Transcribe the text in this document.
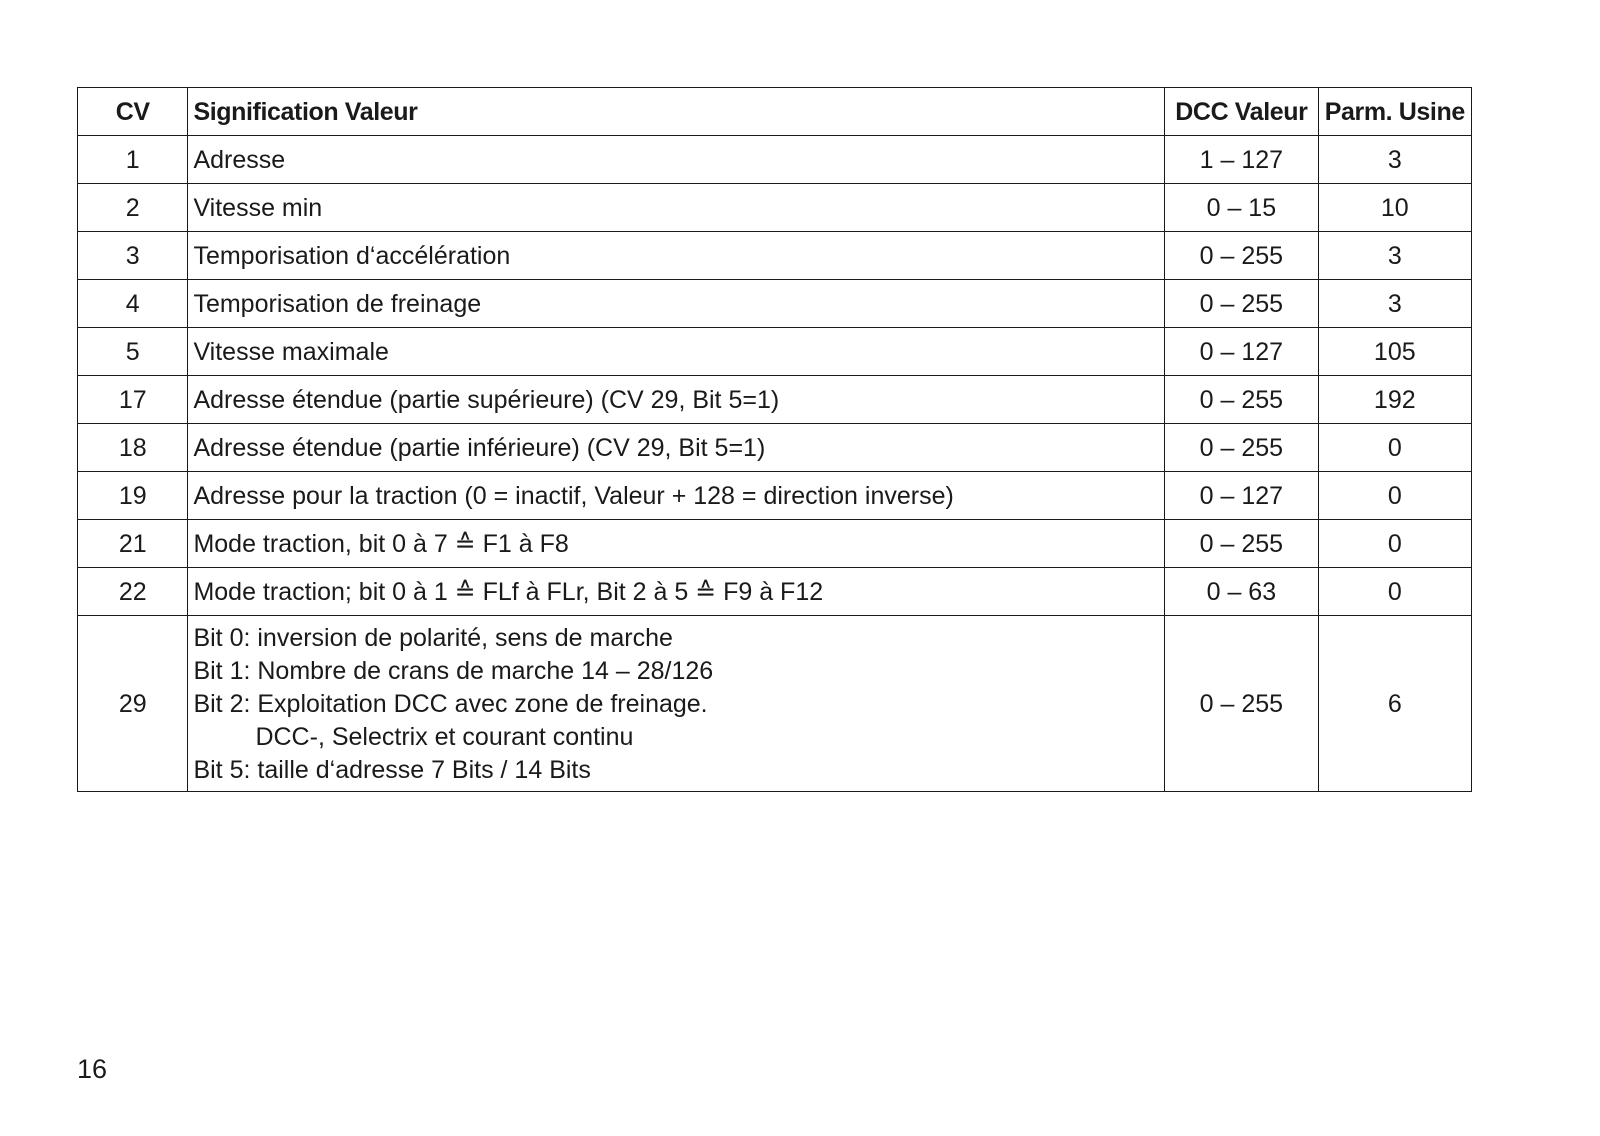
CV	Signification Valeur	DCC Valeur	Parm. Usine
1	Adresse	1 – 127	3
2	Vitesse min	0 – 15	10
3	Temporisation d‘accélération	0 – 255	3
4	Temporisation de freinage	0 – 255	3
5	Vitesse maximale	0 – 127	105
17	Adresse étendue (partie supérieure) (CV 29, Bit 5=1)	0 – 255	192
18	Adresse étendue (partie inférieure) (CV 29, Bit 5=1)	0 – 255	0
19	Adresse pour la traction (0 = inactif, Valeur + 128 = direction inverse)	0 – 127	0
21	Mode traction, bit 0 à 7 ≙ F1 à F8	0 – 255	0
22	Mode traction; bit 0 à 1 ≙ FLf à FLr, Bit 2 à 5 ≙ F9 à F12	0 – 63	0
29	Bit 0: inversion de polarité, sens de marche
Bit 1: Nombre de crans de marche 14 – 28/126
Bit 2: Exploitation DCC avec zone de freinage.
DCC-, Selectrix et courant continu
Bit 5: taille d‘adresse 7 Bits / 14 Bits	0 – 255	6
16
